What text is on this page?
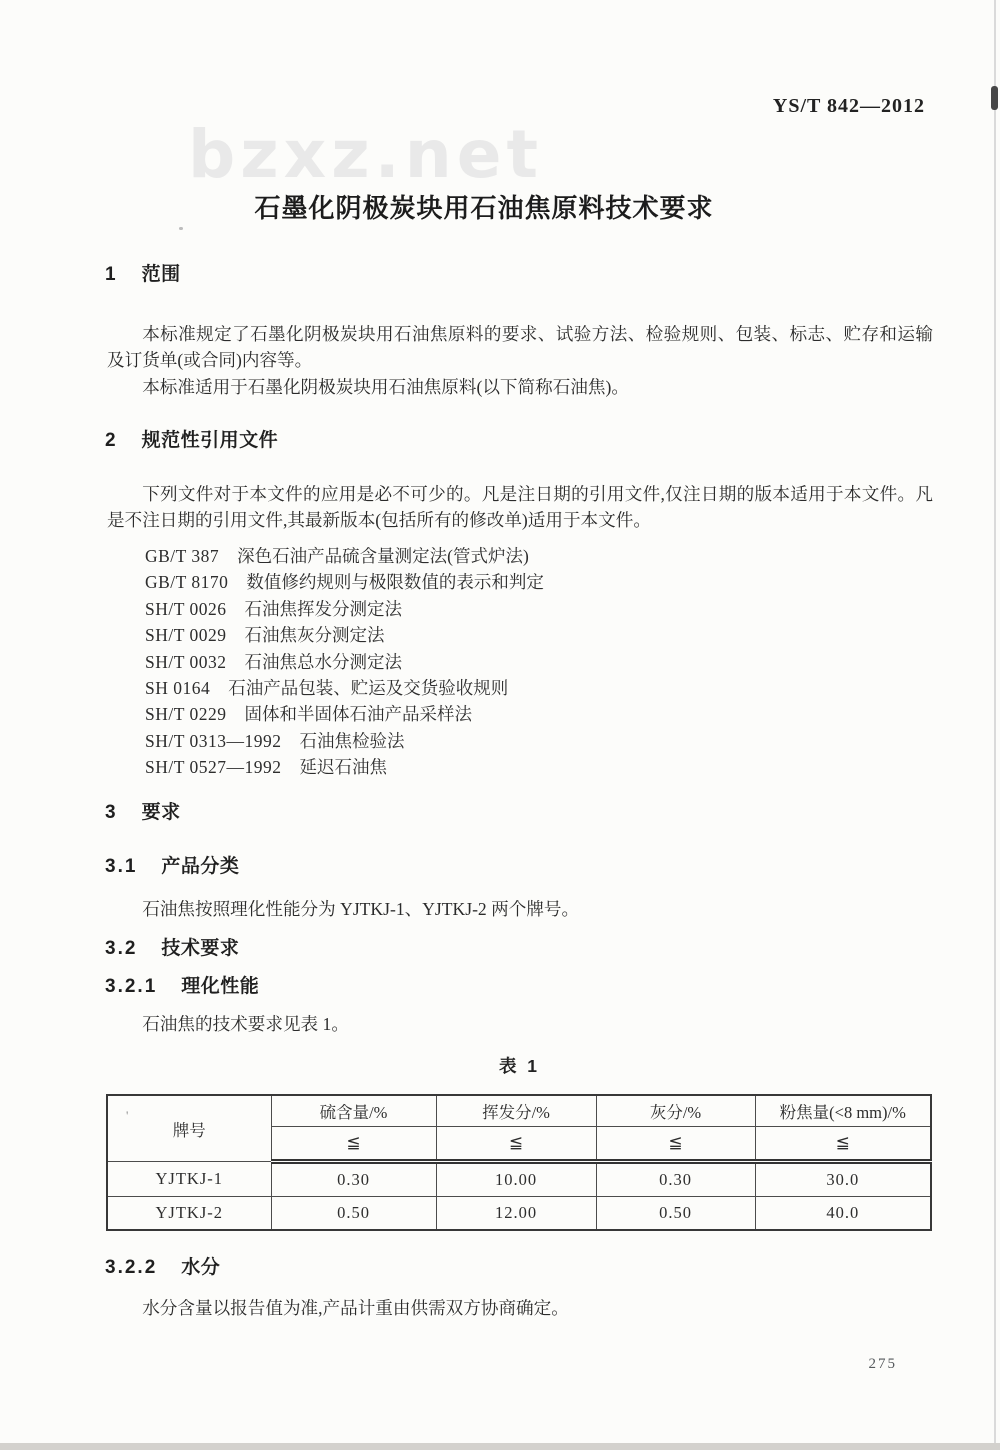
YS/T 842—2012
bzxz.net
石墨化阴极炭块用石油焦原料技术要求
1 范围
本标准规定了石墨化阴极炭块用石油焦原料的要求、试验方法、检验规则、包装、标志、贮存和运输及订货单(或合同)内容等。
本标准适用于石墨化阴极炭块用石油焦原料(以下简称石油焦)。
2 规范性引用文件
下列文件对于本文件的应用是必不可少的。凡是注日期的引用文件,仅注日期的版本适用于本文件。凡是不注日期的引用文件,其最新版本(包括所有的修改单)适用于本文件。
GB/T 387 深色石油产品硫含量测定法(管式炉法)
GB/T 8170 数值修约规则与极限数值的表示和判定
SH/T 0026 石油焦挥发分测定法
SH/T 0029 石油焦灰分测定法
SH/T 0032 石油焦总水分测定法
SH 0164 石油产品包装、贮运及交货验收规则
SH/T 0229 固体和半固体石油产品采样法
SH/T 0313—1992 石油焦检验法
SH/T 0527—1992 延迟石油焦
3 要求
3.1 产品分类
石油焦按照理化性能分为 YJTKJ-1、YJTKJ-2 两个牌号。
3.2 技术要求
3.2.1 理化性能
石油焦的技术要求见表 1。
表 1
'
牌号	硫含量/%	挥发分/%	灰分/%	粉焦量(<8 mm)/%
	≦	≦	≦	≦
YJTKJ-1	0.30	10.00	0.30	30.0
YJTKJ-2	0.50	12.00	0.50	40.0
3.2.2 水分
水分含量以报告值为准,产品计重由供需双方协商确定。
275
